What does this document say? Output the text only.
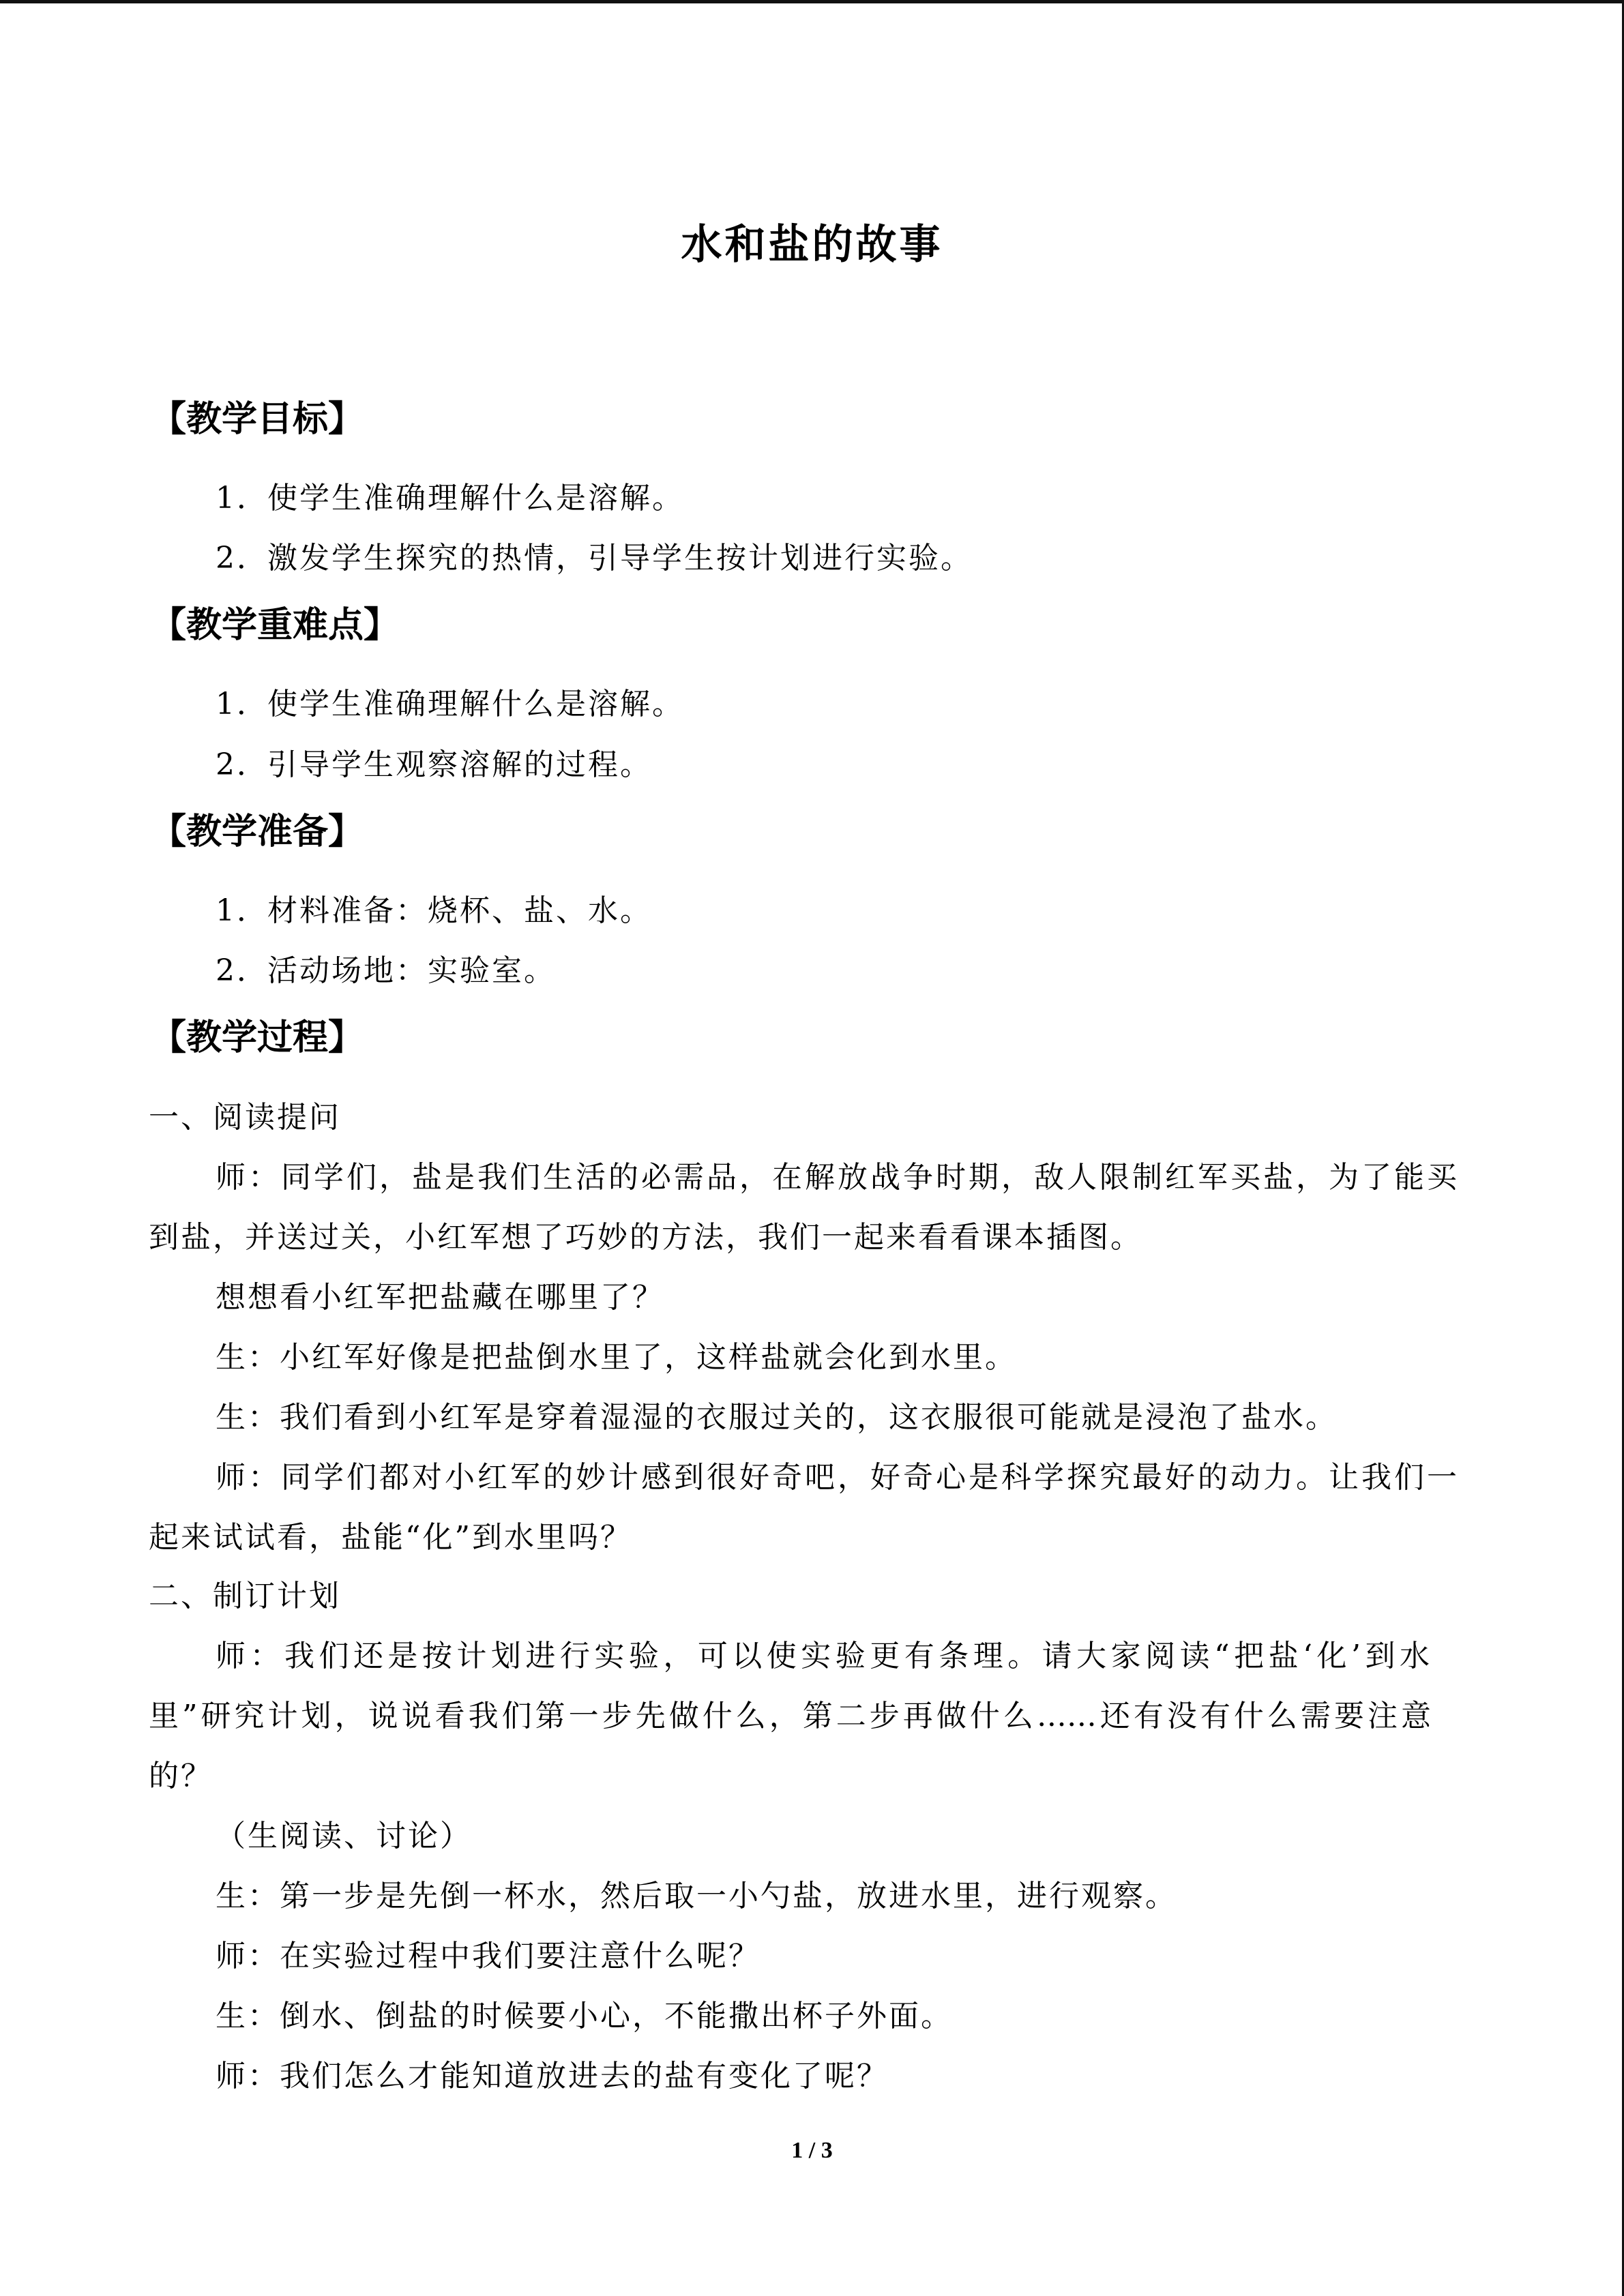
水和盐的故事
【教学目标】
1．使学生准确理解什么是溶解。
2．激发学生探究的热情，引导学生按计划进行实验。
【教学重难点】
1．使学生准确理解什么是溶解。
2．引导学生观察溶解的过程。
【教学准备】
1．材料准备：烧杯、盐、水。
2．活动场地：实验室。
【教学过程】
一、阅读提问
师：同学们，盐是我们生活的必需品，在解放战争时期，敌人限制红军买盐，为了能买
到盐，并送过关，小红军想了巧妙的方法，我们一起来看看课本插图。
想想看小红军把盐藏在哪里了？
生：小红军好像是把盐倒水里了，这样盐就会化到水里。
生：我们看到小红军是穿着湿湿的衣服过关的，这衣服很可能就是浸泡了盐水。
师：同学们都对小红军的妙计感到很好奇吧，好奇心是科学探究最好的动力。让我们一
起来试试看，盐能“化”到水里吗？
二、制订计划
师：我们还是按计划进行实验，可以使实验更有条理。请大家阅读“把盐‘化’到水
里”研究计划，说说看我们第一步先做什么，第二步再做什么……还有没有什么需要注意
的？
（生阅读、讨论）
生：第一步是先倒一杯水，然后取一小勺盐，放进水里，进行观察。
师：在实验过程中我们要注意什么呢？
生：倒水、倒盐的时候要小心，不能撒出杯子外面。
师：我们怎么才能知道放进去的盐有变化了呢？
1 / 3
